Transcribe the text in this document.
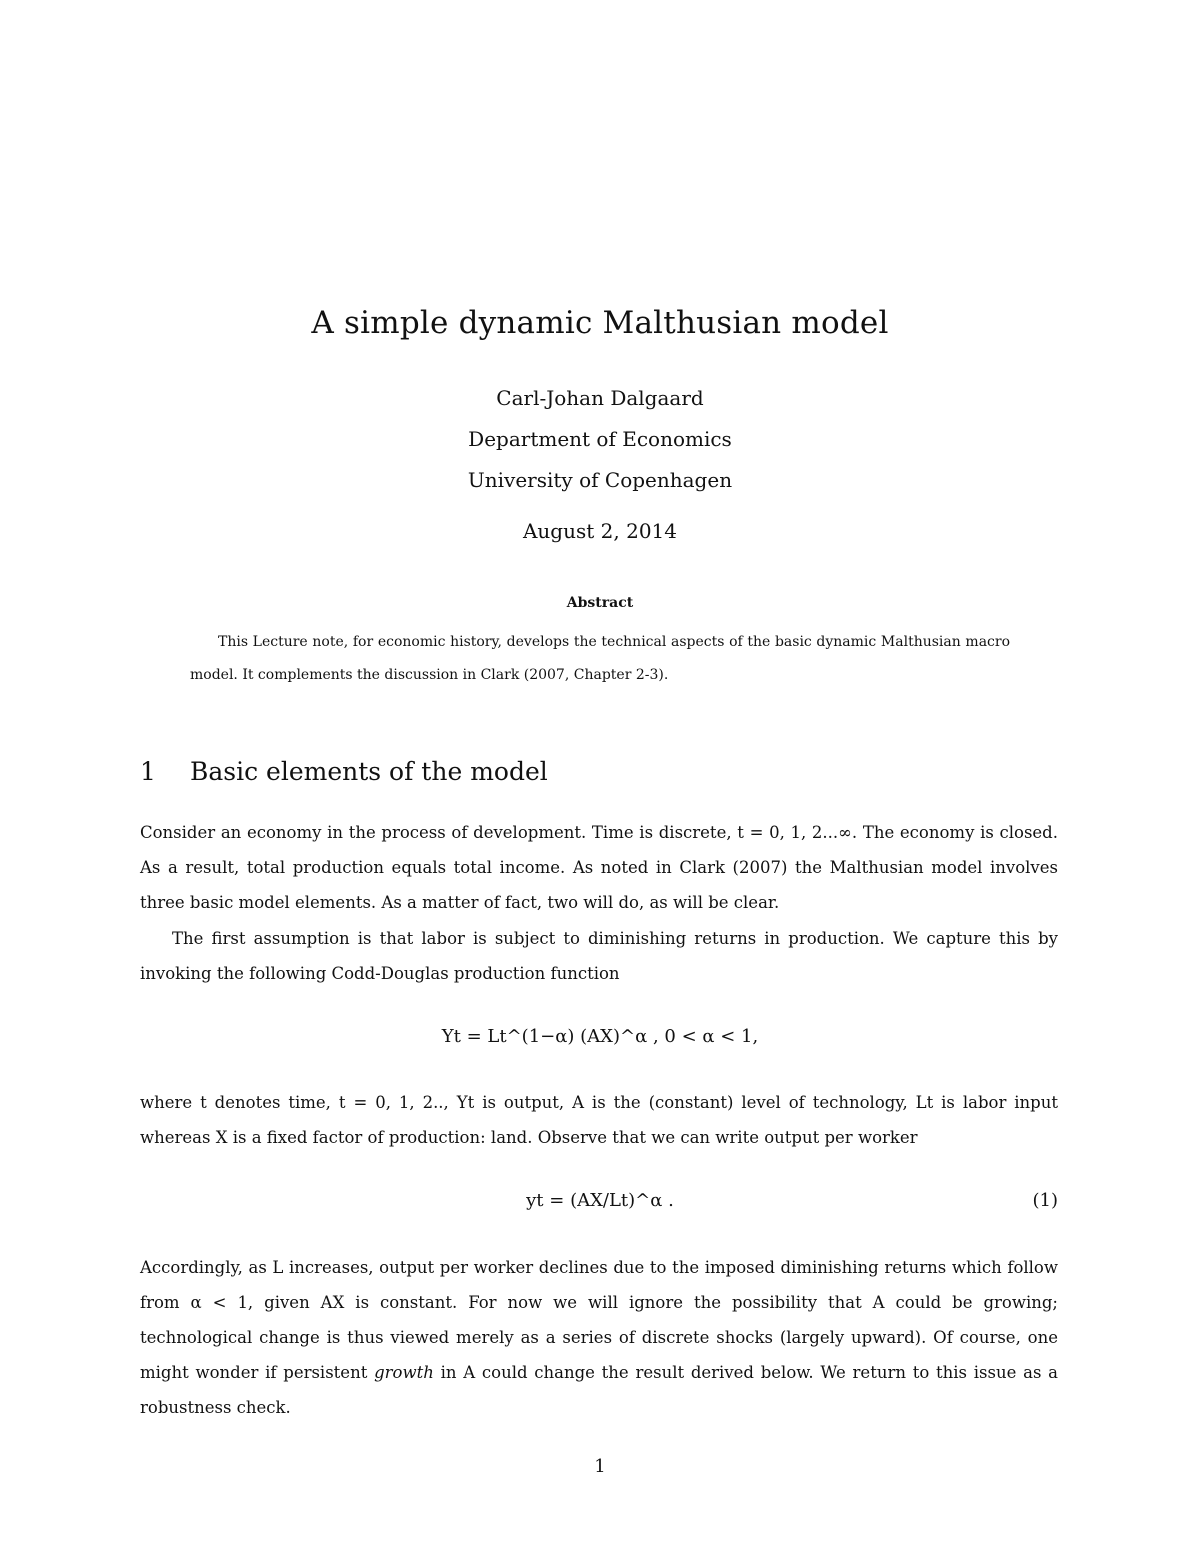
A simple dynamic Malthusian model
Carl-Johan Dalgaard
Department of Economics
University of Copenhagen
August 2, 2014
Abstract
This Lecture note, for economic history, develops the technical aspects of the basic dynamic Malthusian macro model. It complements the discussion in Clark (2007, Chapter 2-3).
1 Basic elements of the model
Consider an economy in the process of development. Time is discrete, t = 0, 1, 2...∞. The economy is closed. As a result, total production equals total income. As noted in Clark (2007) the Malthusian model involves three basic model elements. As a matter of fact, two will do, as will be clear.
The first assumption is that labor is subject to diminishing returns in production. We capture this by invoking the following Codd-Douglas production function
Yt = Lt^(1−α) (AX)^α , 0 < α < 1,
where t denotes time, t = 0, 1, 2.., Yt is output, A is the (constant) level of technology, Lt is labor input whereas X is a fixed factor of production: land. Observe that we can write output per worker
yt = (AX/Lt)^α .	(1)
Accordingly, as L increases, output per worker declines due to the imposed diminishing returns which follow from α < 1, given AX is constant. For now we will ignore the possibility that A could be growing; technological change is thus viewed merely as a series of discrete shocks (largely upward). Of course, one might wonder if persistent growth in A could change the result derived below. We return to this issue as a robustness check.
1
